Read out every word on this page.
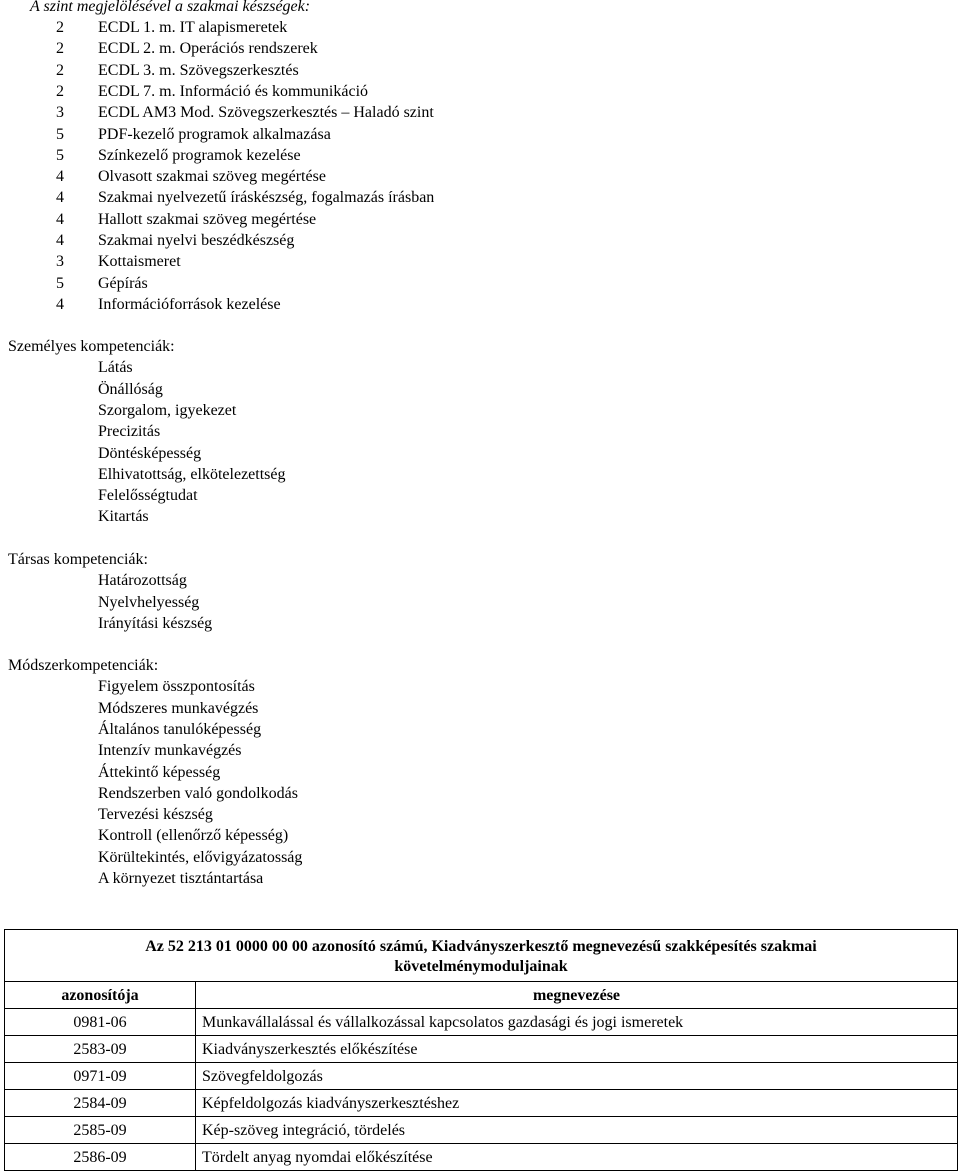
A szint megjelölésével a szakmai készségek:
2 ECDL 1. m. IT alapismeretek
2 ECDL 2. m. Operációs rendszerek
2 ECDL 3. m. Szövegszerkesztés
2 ECDL 7. m. Információ és kommunikáció
3 ECDL AM3 Mod. Szövegszerkesztés – Haladó szint
5 PDF-kezelő programok alkalmazása
5 Színkezelő programok kezelése
4 Olvasott szakmai szöveg megértése
4 Szakmai nyelvezetű íráskészség, fogalmazás írásban
4 Hallott szakmai szöveg megértése
4 Szakmai nyelvi beszédkészség
3 Kottaismeret
5 Gépírás
4 Információforrások kezelése
Személyes kompetenciák:
Látás
Önállóság
Szorgalom, igyekezet
Precizitás
Döntésképesség
Elhivatottság, elkötelezettség
Felelősségtudat
Kitartás
Társas kompetenciák:
Határozottság
Nyelvhelyesség
Irányítási készség
Módszerkompetenciák:
Figyelem összpontosítás
Módszeres munkavégzés
Általános tanulóképesség
Intenzív munkavégzés
Áttekintő képesség
Rendszerben való gondolkodás
Tervezési készség
Kontroll (ellenőrző képesség)
Körültekintés, elővigyázatosság
A környezet tisztántartása
Az 52 213 01 0000 00 00 azonosító számú, Kiadványszerkesztő megnevezésű szakképesítés szakmai követelménymoduljainak	
azonosítója	megnevezése
0981-06	Munkavállalással és vállalkozással kapcsolatos gazdasági és jogi ismeretek
2583-09	Kiadványszerkesztés előkészítése
0971-09	Szövegfeldolgozás
2584-09	Képfeldolgozás kiadványszerkesztéshez
2585-09	Kép-szöveg integráció, tördelés
2586-09	Tördelt anyag nyomdai előkészítése
